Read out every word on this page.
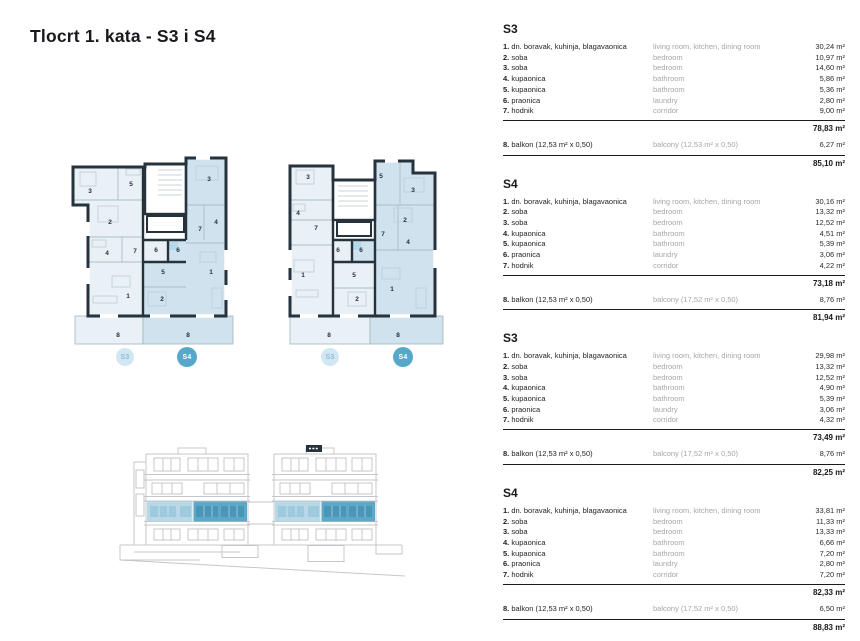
Tlocrt 1. kata - S3 i S4
3
5
2
4	7	6
1
8
3
4
7
6
5
2
1
8
3
4
7
6
1	5
2
8
5
3
2
7
4
6
1
8
S3	S4	S3	S4
S3
1. dn. boravak, kuhinja, blagavaonica	living room, kitchen, dining room	30,24 m²
2. soba	bedroom	10,97 m²
3. soba	bedroom	14,60 m²
4. kupaonica	bathroom	5,86 m²
5. kupaonica	bathroom	5,36 m²
6. praonica	laundry	2,80 m²
7. hodnik	corridor	9,00 m²
78,83 m²
8. balkon (12,53 m² x 0,50)	balcony (12,53 m² x 0,50)	6,27 m²
85,10 m²
S4
1. dn. boravak, kuhinja, blagavaonica	living room, kitchen, dining room	30,16 m²
2. soba	bedroom	13,32 m²
3. soba	bedroom	12,52 m²
4. kupaonica	bathroom	4,51 m²
5. kupaonica	bathroom	5,39 m²
6. praonica	laundry	3,06 m²
7. hodnik	corridor	4,22 m²
73,18 m²
8. balkon (12,53 m² x 0,50)	balcony (17,52 m² x 0,50)	8,76 m²
81,94 m²
S3
1. dn. boravak, kuhinja, blagavaonica	living room, kitchen, dining room	29,98 m²
2. soba	bedroom	13,32 m²
3. soba	bedroom	12,52 m²
4. kupaonica	bathroom	4,90 m²
5. kupaonica	bathroom	5,39 m²
6. praonica	laundry	3,06 m²
7. hodnik	corridor	4,32 m²
73,49 m²
8. balkon (12,53 m² x 0,50)	balcony (17,52 m² x 0,50)	8,76 m²
82,25 m²
S4
1. dn. boravak, kuhinja, blagavaonica	living room, kitchen, dining room	33,81 m²
2. soba	bedroom	11,33 m²
3. soba	bedroom	13,33 m²
4. kupaonica	bathroom	6,66 m²
5. kupaonica	bathroom	7,20 m²
6. praonica	laundry	2,80 m²
7. hodnik	corridor	7,20 m²
82,33 m²
8. balkon (12,53 m² x 0,50)	balcony (17,52 m² x 0,50)	6,50 m²
88,83 m²
